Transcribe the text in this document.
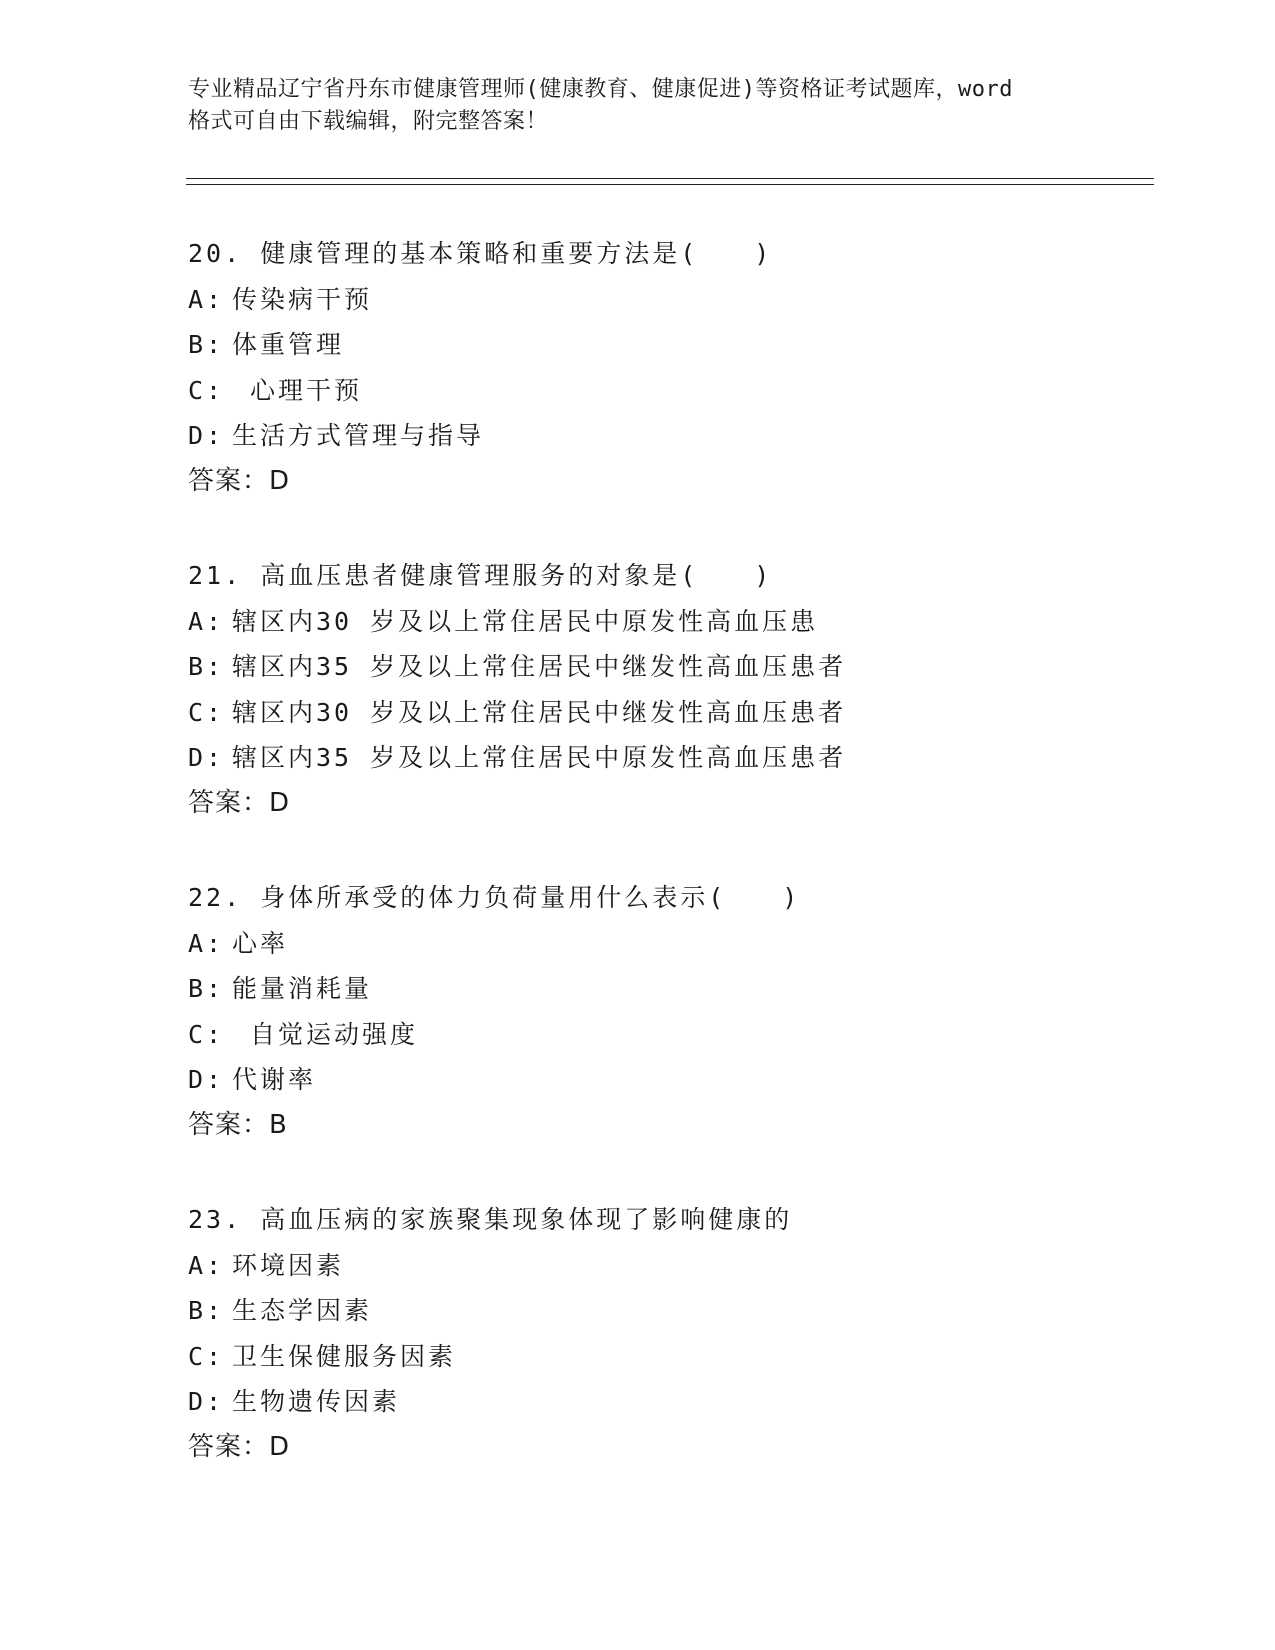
专业精品辽宁省丹东市健康管理师(健康教育、健康促进)等资格证考试题库，word
格式可自由下载编辑，附完整答案！
20. 健康管理的基本策略和重要方法是(　　)
A: 传染病干预
B: 体重管理
C: 心理干预
D: 生活方式管理与指导
答案：D
21. 高血压患者健康管理服务的对象是(　　)
A: 辖区内30 岁及以上常住居民中原发性高血压患
B: 辖区内35 岁及以上常住居民中继发性高血压患者
C: 辖区内30 岁及以上常住居民中继发性高血压患者
D: 辖区内35 岁及以上常住居民中原发性高血压患者
答案：D
22. 身体所承受的体力负荷量用什么表示(　　)
A: 心率
B: 能量消耗量
C: 自觉运动强度
D: 代谢率
答案：B
23. 高血压病的家族聚集现象体现了影响健康的
A: 环境因素
B: 生态学因素
C: 卫生保健服务因素
D: 生物遗传因素
答案：D
